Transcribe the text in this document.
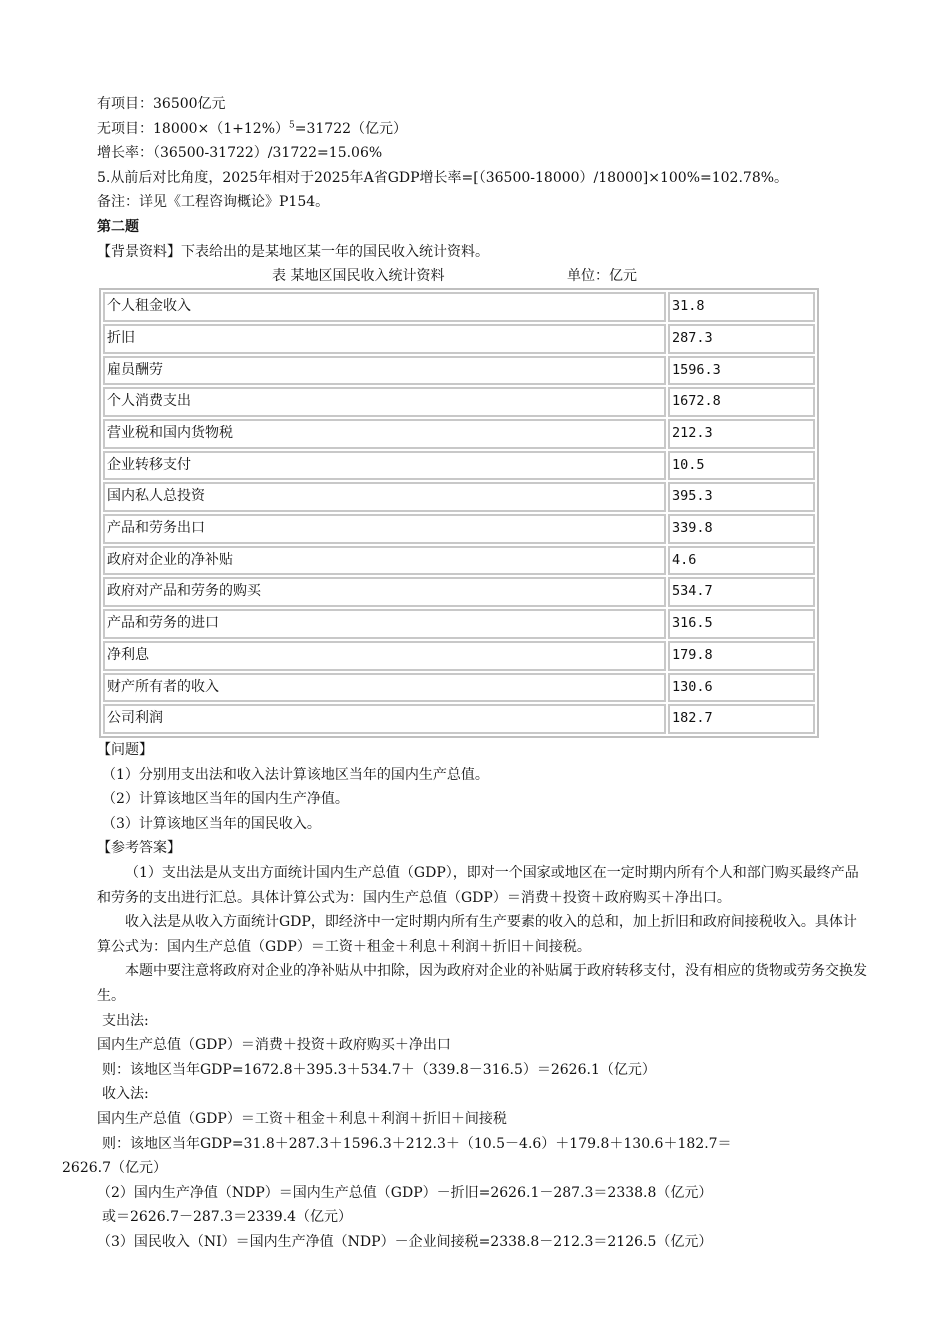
有项目：36500亿元
无项目：$18000\times(1+12\%)^5=31722$（亿元）
增长率：（36500-31722）/31722=15.06%
5.从前后对比角度，2025年相对于2025年A省GDP增长率=[（36500-18000）/18000]×100%=102.78%。
备注：详见《工程咨询概论》P154。
第二题
【背景资料】下表给出的是某地区某一年的国民收入统计资料。
表 某地区国民收入统计资料	单位：亿元
个人租金收入	31.8
折旧	287.3
雇员酬劳	1596.3
个人消费支出	1672.8
营业税和国内货物税	212.3
企业转移支付	10.5
国内私人总投资	395.3
产品和劳务出口	339.8
政府对企业的净补贴	4.6
政府对产品和劳务的购买	534.7
产品和劳务的进口	316.5
净利息	179.8
财产所有者的收入	130.6
公司利润	182.7
【问题】
（1）分别用支出法和收入法计算该地区当年的国内生产总值。
（2）计算该地区当年的国内生产净值。
（3）计算该地区当年的国民收入。
【参考答案】

（1）支出法是从支出方面统计国内生产总值（GDP），即对一个国家或地区在一定时期内所有个人和部门购买最终产品和劳务的支出进行汇总。具体计算公式为：国内生产总值（GDP）＝消费＋投资＋政府购买＋净出口。

收入法是从收入方面统计GDP，即经济中一定时期内所有生产要素的收入的总和，加上折旧和政府间接税收入。具体计算公式为：国内生产总值（GDP）＝工资＋租金＋利息＋利润＋折旧＋间接税。

本题中要注意将政府对企业的净补贴从中扣除，因为政府对企业的补贴属于政府转移支付，没有相应的货物或劳务交换发生。

支出法:
国内生产总值（GDP）＝消费＋投资＋政府购买＋净出口
则：该地区当年GDP=1672.8＋395.3＋534.7＋（339.8－316.5）＝2626.1（亿元）
收入法:
国内生产总值（GDP）＝工资＋租金＋利息＋利润＋折旧＋间接税
则：该地区当年GDP=31.8＋287.3＋1596.3＋212.3＋（10.5－4.6）＋179.8＋130.6＋182.7＝
2626.7（亿元）
（2）国内生产净值（NDP）＝国内生产总值（GDP）－折旧=2626.1－287.3＝2338.8（亿元）
或＝2626.7－287.3＝2339.4（亿元）
（3）国民收入（NI）＝国内生产净值（NDP）－企业间接税=2338.8－212.3＝2126.5（亿元）
